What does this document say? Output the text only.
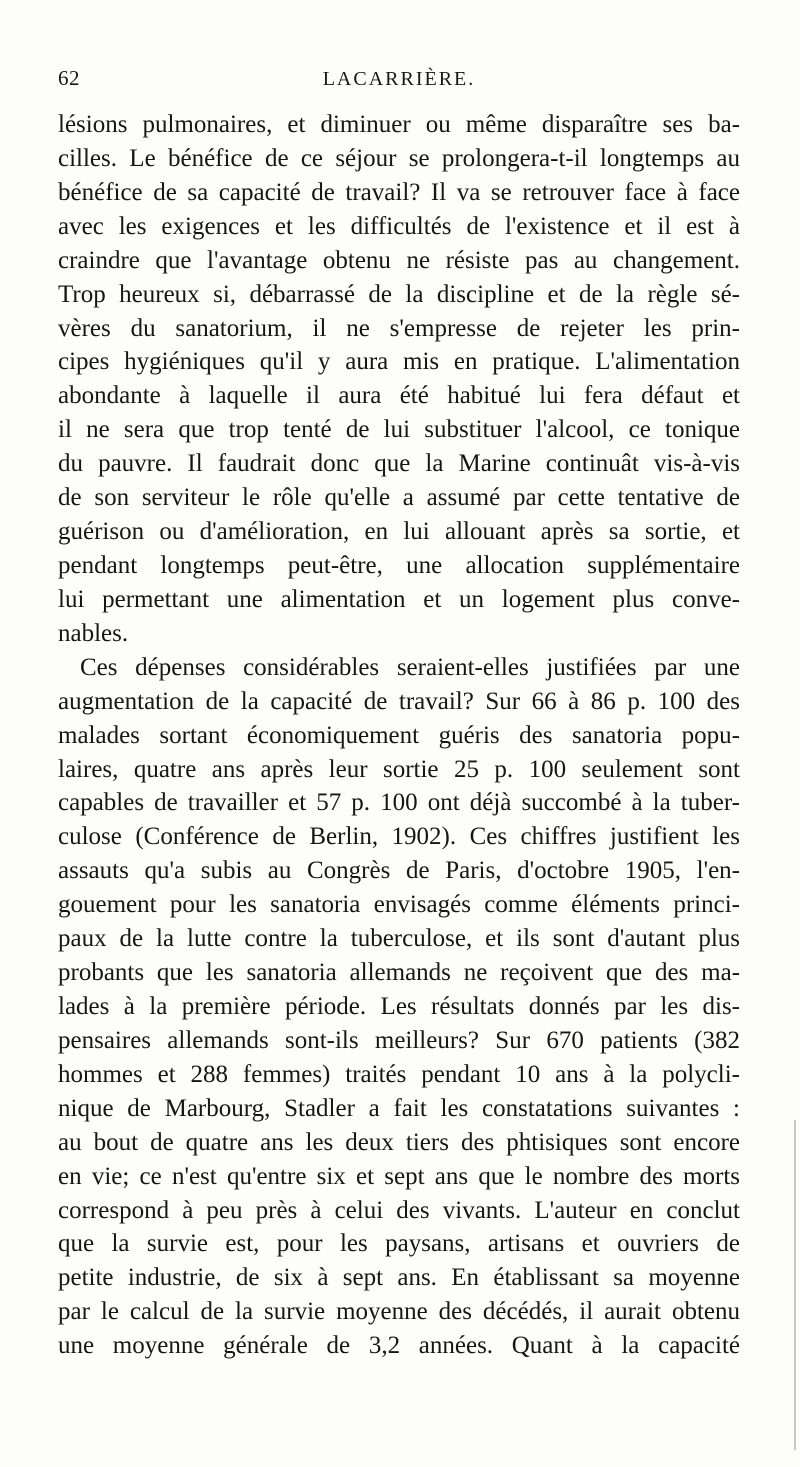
62	LACARRIÈRE.
lésions pulmonaires, et diminuer ou même disparaître ses ba-
cilles. Le bénéfice de ce séjour se prolongera-t-il longtemps au
bénéfice de sa capacité de travail? Il va se retrouver face à face
avec les exigences et les difficultés de l'existence et il est à
craindre que l'avantage obtenu ne résiste pas au changement.
Trop heureux si, débarrassé de la discipline et de la règle sé-
vères du sanatorium, il ne s'empresse de rejeter les prin-
cipes hygiéniques qu'il y aura mis en pratique. L'alimentation
abondante à laquelle il aura été habitué lui fera défaut et
il ne sera que trop tenté de lui substituer l'alcool, ce tonique
du pauvre. Il faudrait donc que la Marine continuât vis-à-vis
de son serviteur le rôle qu'elle a assumé par cette tentative de
guérison ou d'amélioration, en lui allouant après sa sortie, et
pendant longtemps peut-être, une allocation supplémentaire
lui permettant une alimentation et un logement plus conve-
nables.
Ces dépenses considérables seraient-elles justifiées par une
augmentation de la capacité de travail? Sur 66 à 86 p. 100 des
malades sortant économiquement guéris des sanatoria popu-
laires, quatre ans après leur sortie 25 p. 100 seulement sont
capables de travailler et 57 p. 100 ont déjà succombé à la tuber-
culose (Conférence de Berlin, 1902). Ces chiffres justifient les
assauts qu'a subis au Congrès de Paris, d'octobre 1905, l'en-
gouement pour les sanatoria envisagés comme éléments princi-
paux de la lutte contre la tuberculose, et ils sont d'autant plus
probants que les sanatoria allemands ne reçoivent que des ma-
lades à la première période. Les résultats donnés par les dis-
pensaires allemands sont-ils meilleurs? Sur 670 patients (382
hommes et 288 femmes) traités pendant 10 ans à la polycli-
nique de Marbourg, Stadler a fait les constatations suivantes :
au bout de quatre ans les deux tiers des phtisiques sont encore
en vie; ce n'est qu'entre six et sept ans que le nombre des morts
correspond à peu près à celui des vivants. L'auteur en conclut
que la survie est, pour les paysans, artisans et ouvriers de
petite industrie, de six à sept ans. En établissant sa moyenne
par le calcul de la survie moyenne des décédés, il aurait obtenu
une moyenne générale de 3,2 années. Quant à la capacité
